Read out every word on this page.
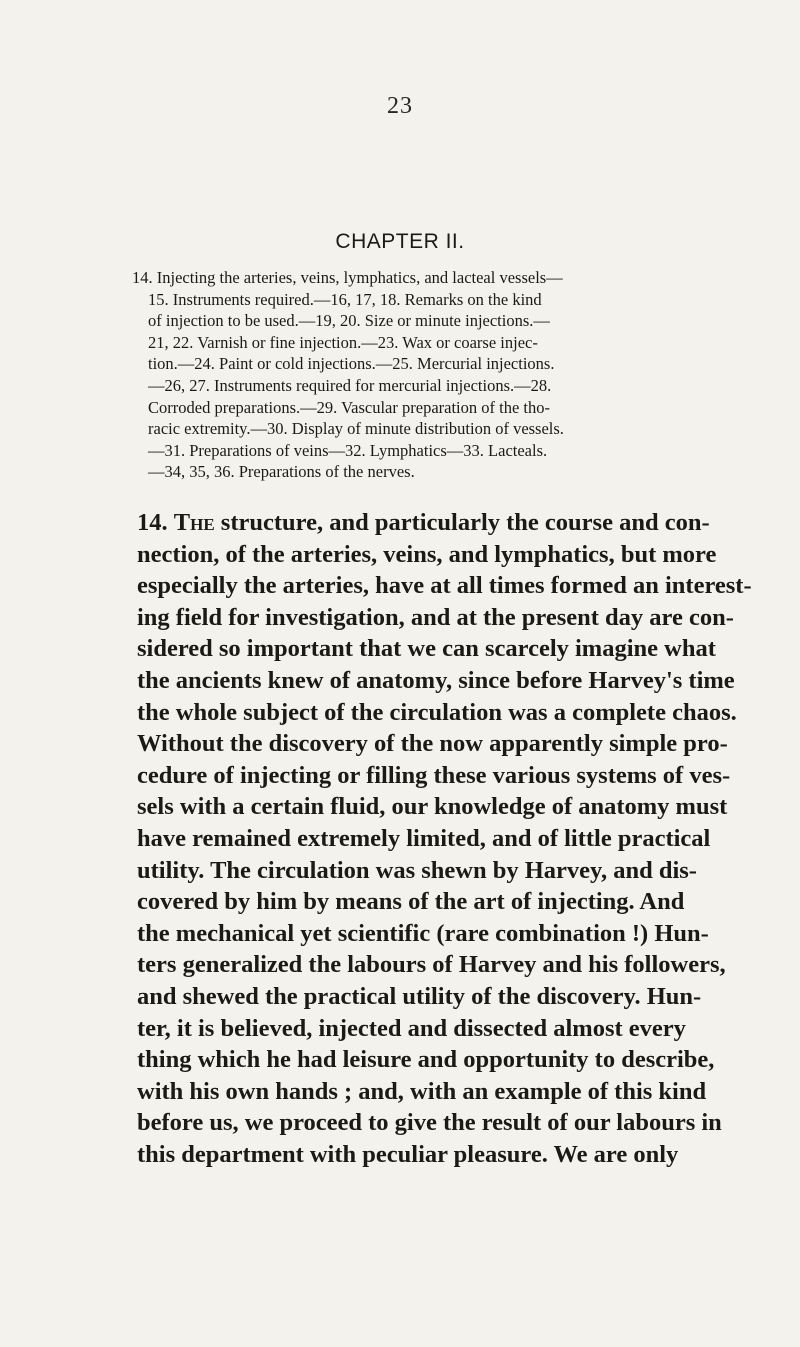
23
CHAPTER II.

14. Injecting the arteries, veins, lymphatics, and lacteal vessels—
15. Instruments required.—16, 17, 18. Remarks on the kind
of injection to be used.—19, 20. Size or minute injections.—
21, 22. Varnish or fine injection.—23. Wax or coarse injec-
tion.—24. Paint or cold injections.—25. Mercurial injections.
—26, 27. Instruments required for mercurial injections.—28.
Corroded preparations.—29. Vascular preparation of the tho-
racic extremity.—30. Display of minute distribution of vessels.
—31. Preparations of veins—32. Lymphatics—33. Lacteals.
—34, 35, 36. Preparations of the nerves.

14. The structure, and particularly the course and con-
nection, of the arteries, veins, and lymphatics, but more
especially the arteries, have at all times formed an interest-
ing field for investigation, and at the present day are con-
sidered so important that we can scarcely imagine what
the ancients knew of anatomy, since before Harvey's time
the whole subject of the circulation was a complete chaos.
Without the discovery of the now apparently simple pro-
cedure of injecting or filling these various systems of ves-
sels with a certain fluid, our knowledge of anatomy must
have remained extremely limited, and of little practical
utility. The circulation was shewn by Harvey, and dis-
covered by him by means of the art of injecting. And
the mechanical yet scientific (rare combination !) Hun-
ters generalized the labours of Harvey and his followers,
and shewed the practical utility of the discovery. Hun-
ter, it is believed, injected and dissected almost every
thing which he had leisure and opportunity to describe,
with his own hands ; and, with an example of this kind
before us, we proceed to give the result of our labours in
this department with peculiar pleasure. We are only
